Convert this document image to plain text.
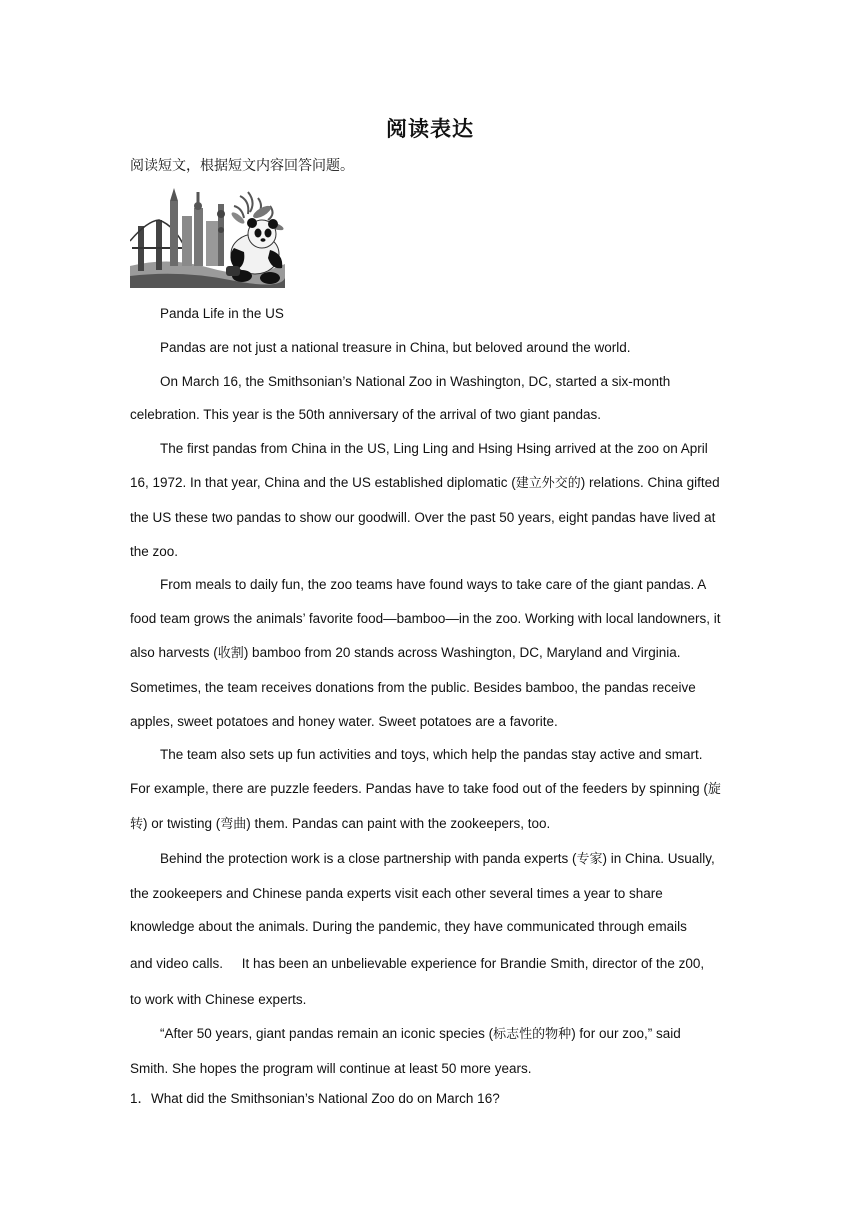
阅读表达
阅读短文，根据短文内容回答问题。

Panda Life in the US

Pandas are not just a national treasure in China, but beloved around the world.

On March 16, the Smithsonian’s National Zoo in Washington, DC, started a six-month celebration. This year is the 50th anniversary of the arrival of two giant pandas.

The first pandas from China in the US, Ling Ling and Hsing Hsing arrived at the zoo on April 16, 1972. In that year, China and the US established diplomatic (建立外交的) relations. China gifted the US these two pandas to show our goodwill. Over the past 50 years, eight pandas have lived at the zoo.

From meals to daily fun, the zoo teams have found ways to take care of the giant pandas. A food team grows the animals’ favorite food—bamboo—in the zoo. Working with local landowners, it also harvests (收割) bamboo from 20 stands across Washington, DC, Maryland and Virginia. Sometimes, the team receives donations from the public. Besides bamboo, the pandas receive apples, sweet potatoes and honey water. Sweet potatoes are a favorite.

The team also sets up fun activities and toys, which help the pandas stay active and smart. For example, there are puzzle feeders. Pandas have to take food out of the feeders by spinning (旋转) or twisting (弯曲) them. Pandas can paint with the zookeepers, too.

Behind the protection work is a close partnership with panda experts (专家) in China. Usually, the zookeepers and Chinese panda experts visit each other several times a year to share knowledge about the animals. During the pandemic, they have communicated through emails

and video calls.     It has been an unbelievable experience for Brandie Smith, director of the z00,

to work with Chinese experts.

“After 50 years, giant pandas remain an iconic species (标志性的物种) for our zoo,” said Smith. She hopes the program will continue at least 50 more years.

1．What did the Smithsonian’s National Zoo do on March 16?
